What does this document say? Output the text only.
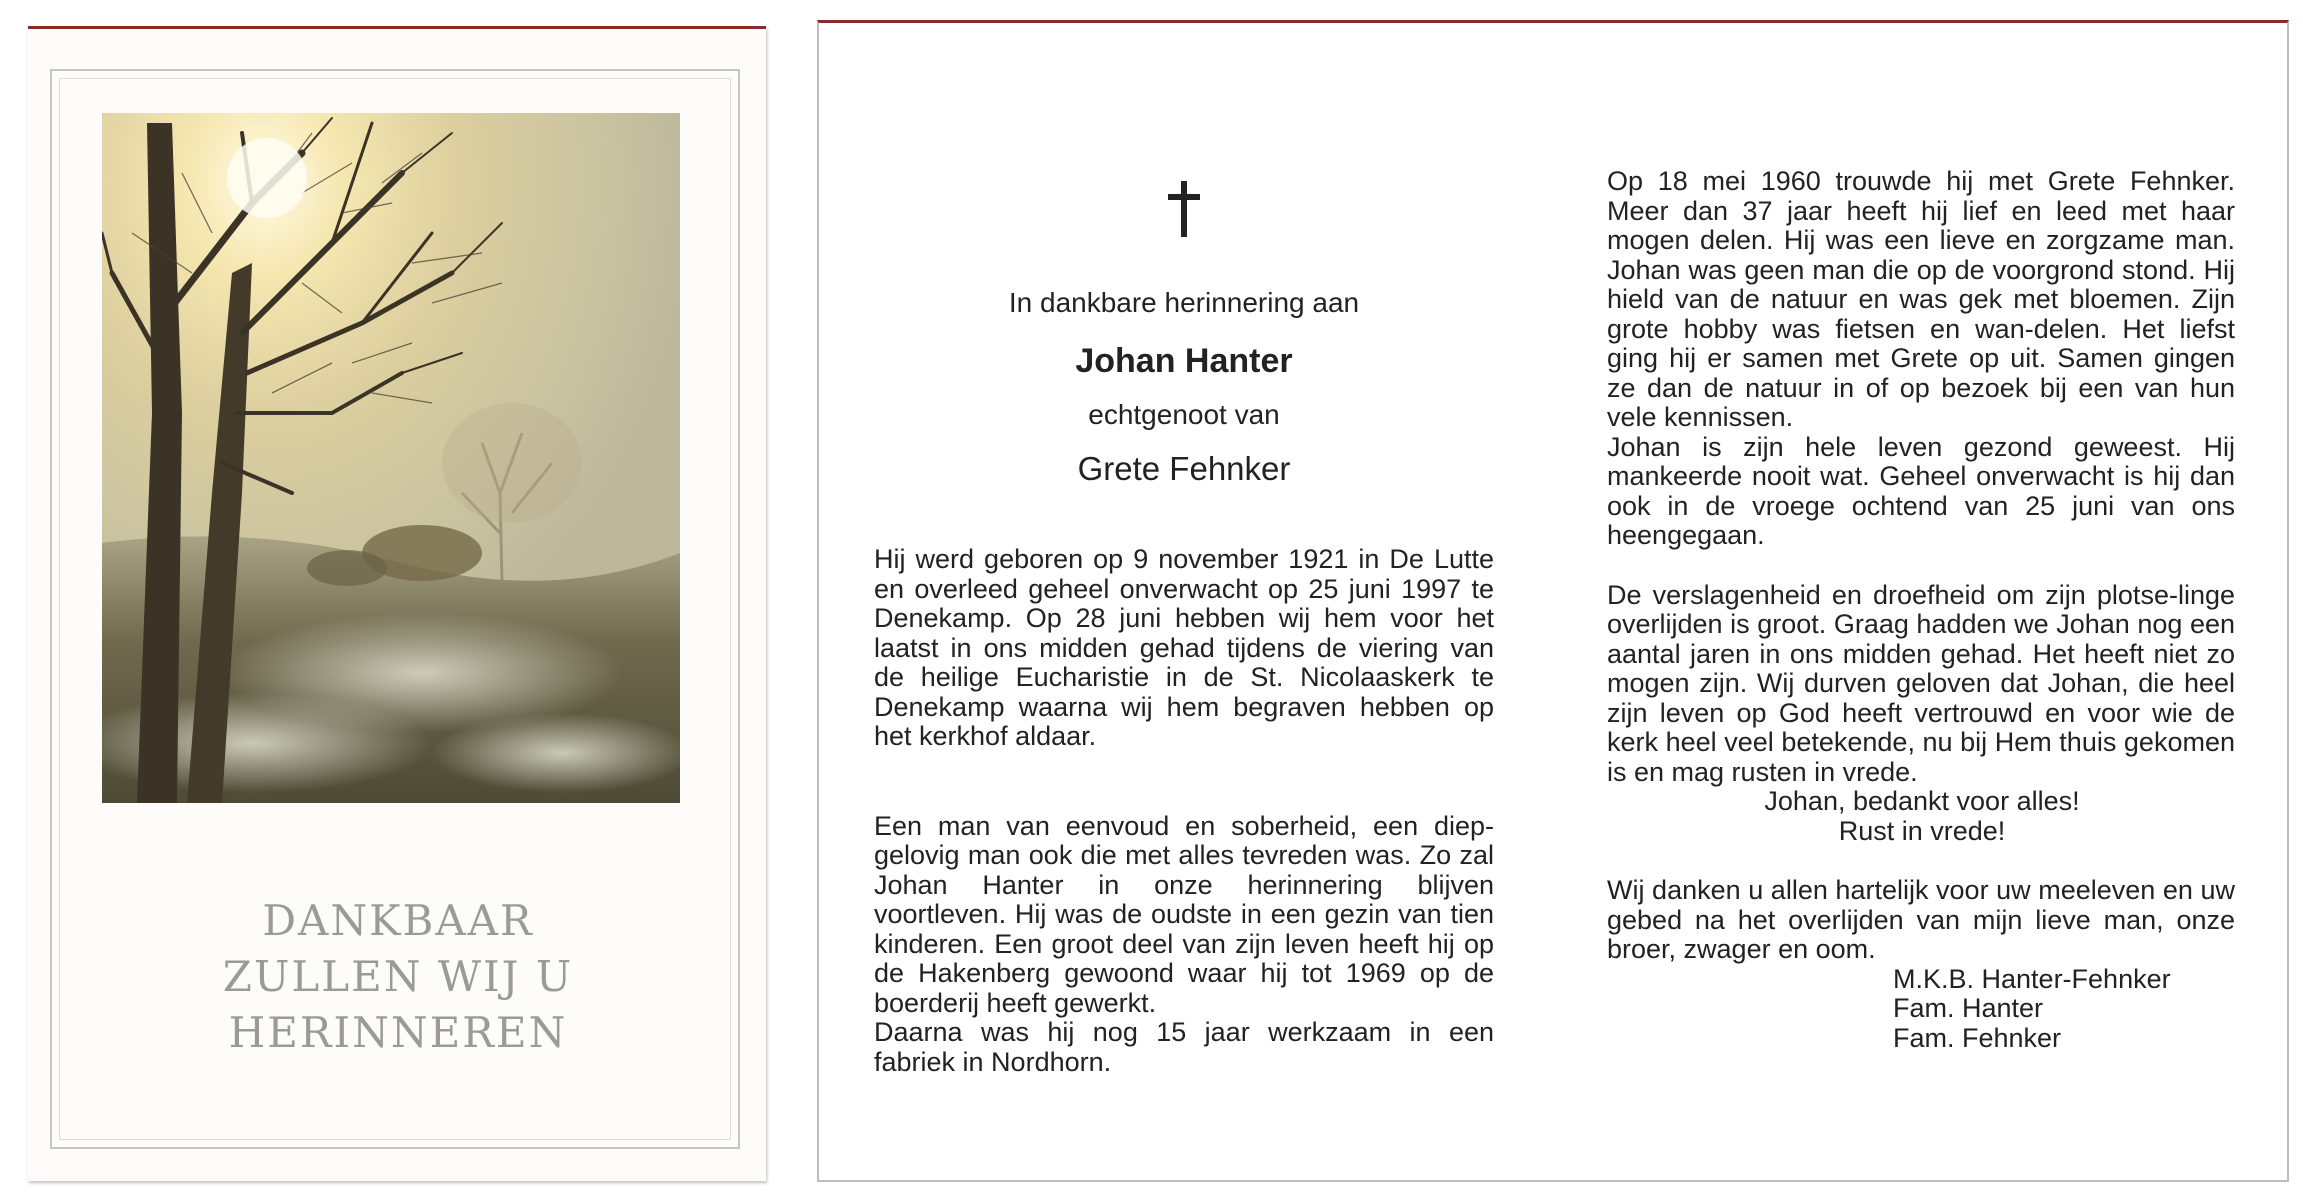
DANKBAAR
ZULLEN WIJ U
HERINNEREN
In dankbare herinnering aan
Johan Hanter
echtgenoot van
Grete Fehnker

Hij werd geboren op 9 november 1921 in De Lutte en overleed geheel onverwacht op 25 juni 1997 te Denekamp. Op 28 juni hebben wij hem voor het laatst in ons midden gehad tijdens de viering van de heilige Eucharistie in de St. Nicolaaskerk te Denekamp waarna wij hem begraven hebben op het kerkhof aldaar.

Een man van eenvoud en soberheid, een diep-gelovig man ook die met alles tevreden was. Zo zal Johan Hanter in onze herinnering blijven voortleven. Hij was de oudste in een gezin van tien kinderen. Een groot deel van zijn leven heeft hij op de Hakenberg gewoond waar hij tot 1969 op de boerderij heeft gewerkt.

Daarna was hij nog 15 jaar werkzaam in een fabriek in Nordhorn.

Op 18 mei 1960 trouwde hij met Grete Fehnker. Meer dan 37 jaar heeft hij lief en leed met haar mogen delen. Hij was een lieve en zorgzame man. Johan was geen man die op de voorgrond stond. Hij hield van de natuur en was gek met bloemen. Zijn grote hobby was fietsen en wan-delen. Het liefst ging hij er samen met Grete op uit. Samen gingen ze dan de natuur in of op bezoek bij een van hun vele kennissen.

Johan is zijn hele leven gezond geweest. Hij mankeerde nooit wat. Geheel onverwacht is hij dan ook in de vroege ochtend van 25 juni van ons heengegaan.

De verslagenheid en droefheid om zijn plotse-linge overlijden is groot. Graag hadden we Johan nog een aantal jaren in ons midden gehad. Het heeft niet zo mogen zijn. Wij durven geloven dat Johan, die heel zijn leven op God heeft vertrouwd en voor wie de kerk heel veel betekende, nu bij Hem thuis gekomen is en mag rusten in vrede.

Johan, bedankt voor alles!
Rust in vrede!

Wij danken u allen hartelijk voor uw meeleven en uw gebed na het overlijden van mijn lieve man, onze broer, zwager en oom.

M.K.B. Hanter-Fehnker
Fam. Hanter
Fam. Fehnker
